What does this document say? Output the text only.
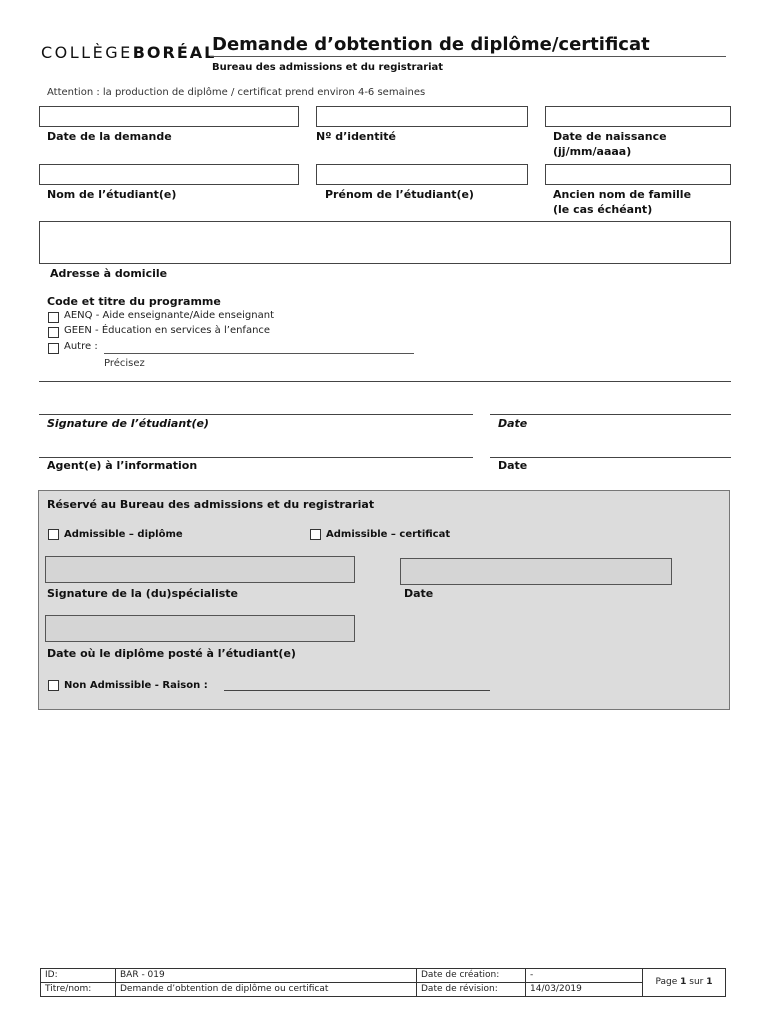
COLLÈGEBORÉAL
Demande d’obtention de diplôme/certificat
Bureau des admissions et du registrariat
Attention : la production de diplôme / certificat prend environ 4-6 semaines
Date de la demande	Nº d’identité	Date de naissance
(jj/mm/aaaa)
Nom de l’étudiant(e)	Prénom de l’étudiant(e)	Ancien nom de famille
(le cas échéant)
Adresse à domicile
Code et titre du programme
AENQ - Aide enseignante/Aide enseignant
GEEN - Éducation en services à l’enfance
Autre :
Précisez
Signature de l’étudiant(e)	Date
Agent(e) à l’information	Date
Réservé au Bureau des admissions et du registrariat
Admissible – diplôme	Admissible – certificat
Signature de la (du)spécialiste	Date
Date où le diplôme posté à l’étudiant(e)
Non Admissible - Raison :
ID:	BAR - 019	Date de création:	-	Page 1 sur 1
Titre/nom:	Demande d’obtention de diplôme ou certificat	Date de révision:	14/03/2019	
